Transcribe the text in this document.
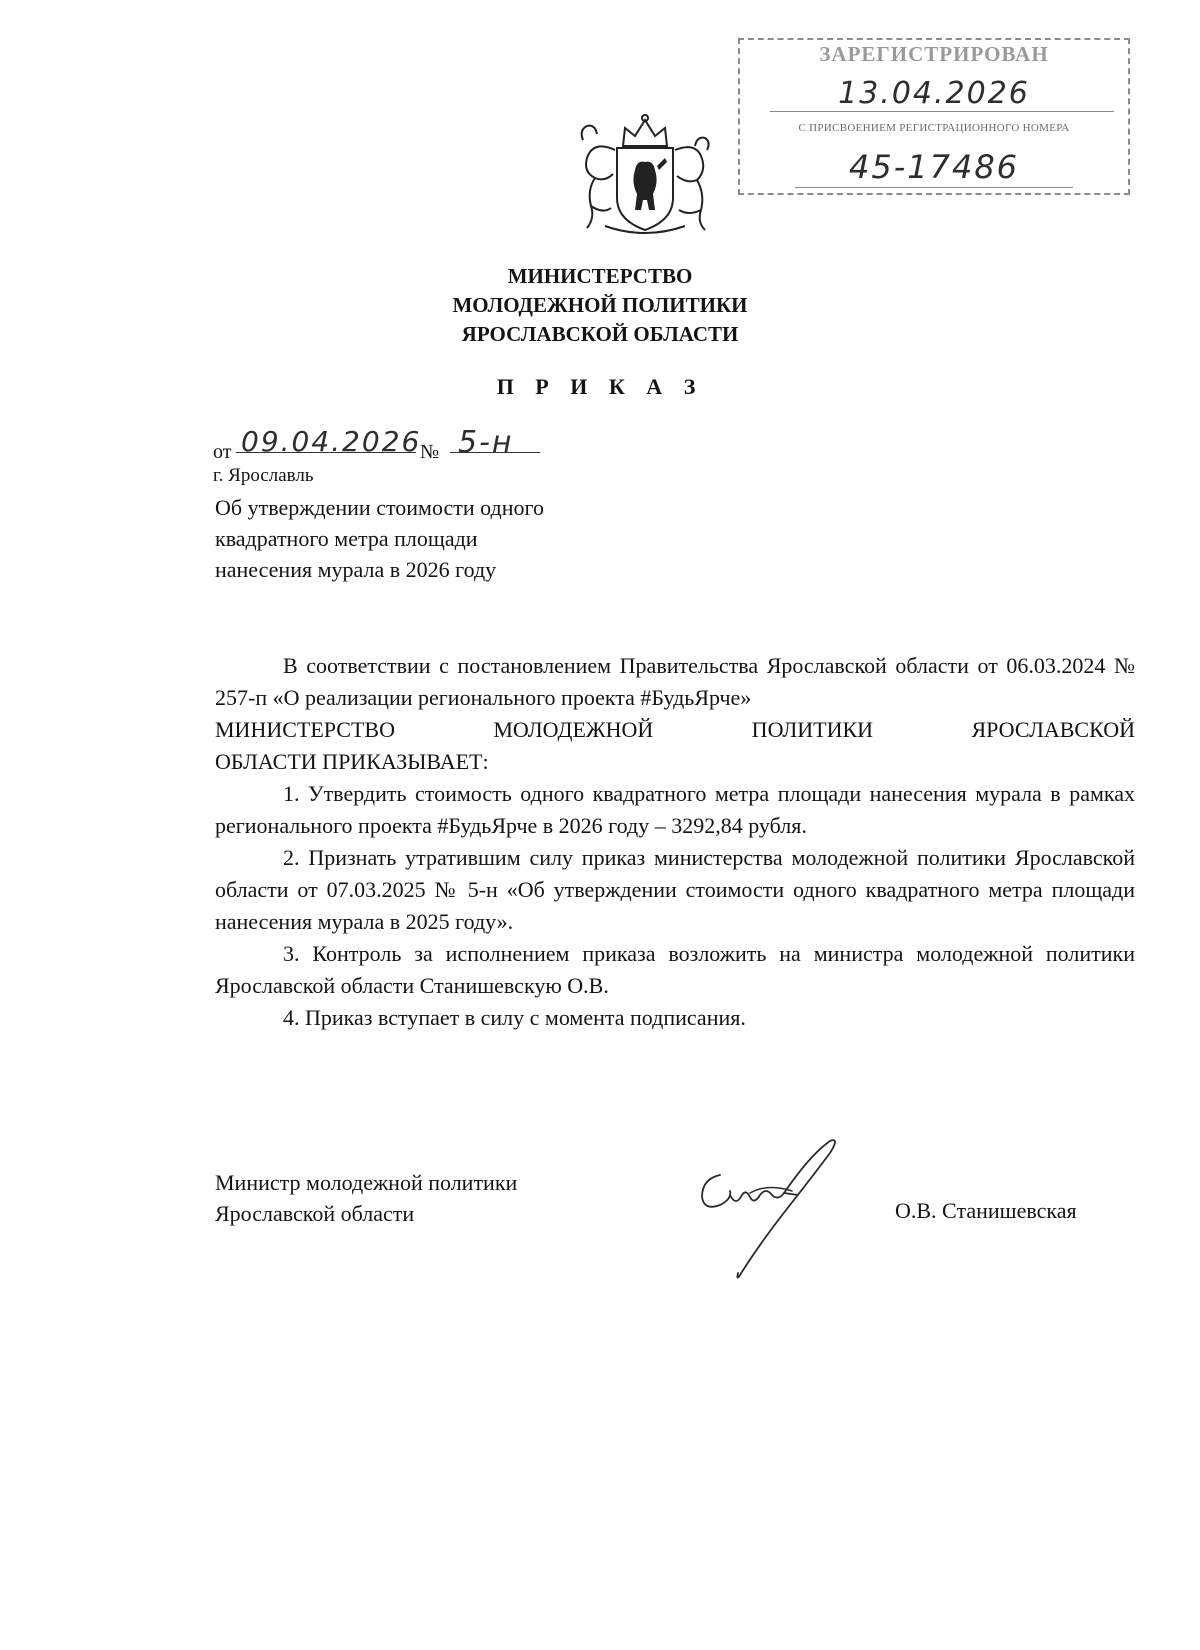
ЗАРЕГИСТРИРОВАН
13.04.2026
С ПРИСВОЕНИЕМ РЕГИСТРАЦИОННОГО НОМЕРА
45-17486
МИНИСТЕРСТВО
МОЛОДЕЖНОЙ ПОЛИТИКИ
ЯРОСЛАВСКОЙ ОБЛАСТИ
П Р И К А З
от 09.04.2026
№ 5-н
г. Ярославль
Об утверждении стоимости одного
квадратного метра площади
нанесения мурала в 2026 году

В соответствии с постановлением Правительства Ярославской области от 06.03.2024 № 257-п «О реализации регионального проекта #БудьЯрче»

МИНИСТЕРСТВО МОЛОДЕЖНОЙ ПОЛИТИКИ ЯРОСЛАВСКОЙ

ОБЛАСТИ ПРИКАЗЫВАЕТ:

1. Утвердить стоимость одного квадратного метра площади нанесения мурала в рамках регионального проекта #БудьЯрче в 2026 году – 3292,84 рубля.

2. Признать утратившим силу приказ министерства молодежной политики Ярославской области от 07.03.2025 № 5-н «Об утверждении стоимости одного квадратного метра площади нанесения мурала в 2025 году».

3. Контроль за исполнением приказа возложить на министра молодежной политики Ярославской области Станишевскую О.В.

4. Приказ вступает в силу с момента подписания.

Министр молодежной политики
Ярославской области	О.В. Станишевская
